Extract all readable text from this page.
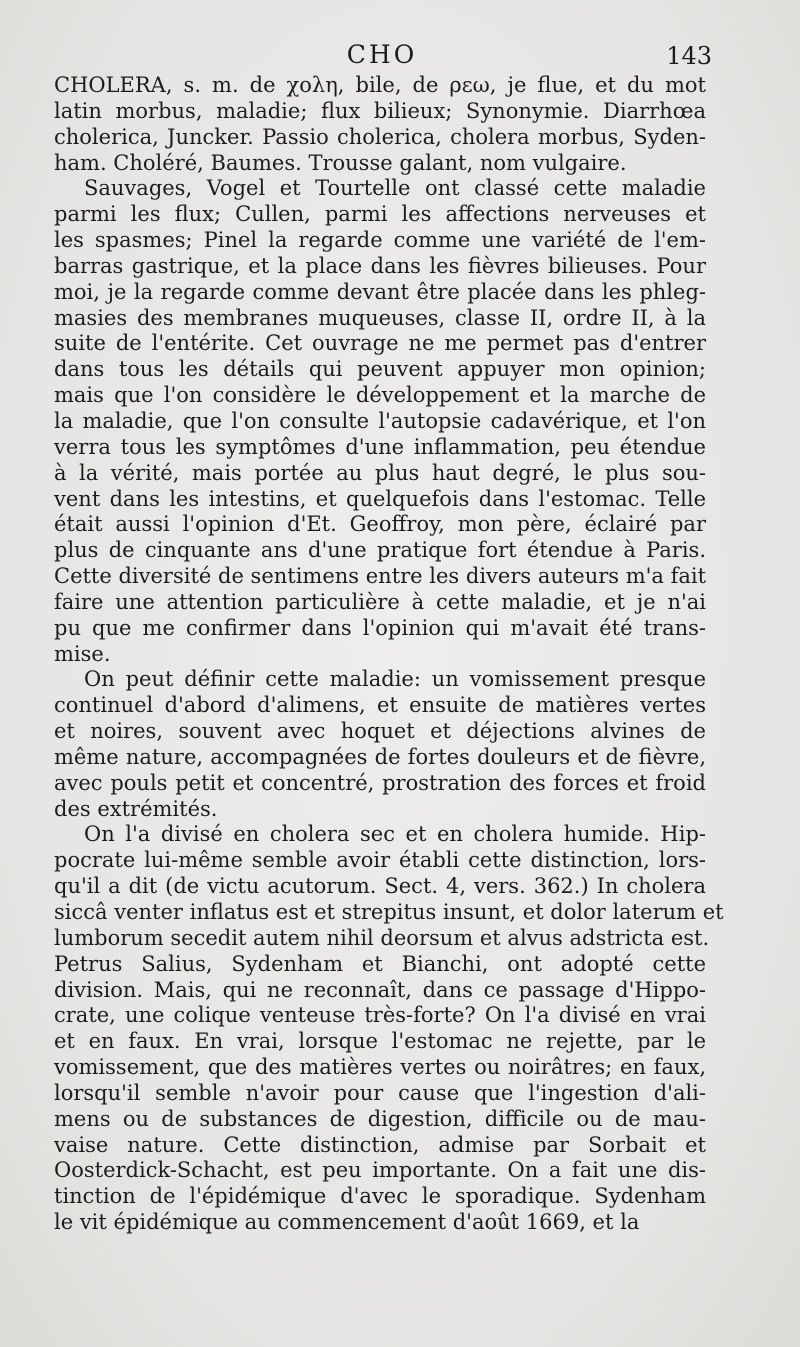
CHO	143
CHOLERA, s. m. de χολη, bile, de ρεω, je flue, et du mot
latin morbus, maladie; flux bilieux; Synonymie. Diarrhœa
cholerica, Juncker. Passio cholerica, cholera morbus, Syden-
ham. Choléré, Baumes. Trousse galant, nom vulgaire.
Sauvages, Vogel et Tourtelle ont classé cette maladie
parmi les flux; Cullen, parmi les affections nerveuses et
les spasmes; Pinel la regarde comme une variété de l'em-
barras gastrique, et la place dans les fièvres bilieuses. Pour
moi, je la regarde comme devant être placée dans les phleg-
masies des membranes muqueuses, classe II, ordre II, à la
suite de l'entérite. Cet ouvrage ne me permet pas d'entrer
dans tous les détails qui peuvent appuyer mon opinion;
mais que l'on considère le développement et la marche de
la maladie, que l'on consulte l'autopsie cadavérique, et l'on
verra tous les symptômes d'une inflammation, peu étendue
à la vérité, mais portée au plus haut degré, le plus sou-
vent dans les intestins, et quelquefois dans l'estomac. Telle
était aussi l'opinion d'Et. Geoffroy, mon père, éclairé par
plus de cinquante ans d'une pratique fort étendue à Paris.
Cette diversité de sentimens entre les divers auteurs m'a fait
faire une attention particulière à cette maladie, et je n'ai
pu que me confirmer dans l'opinion qui m'avait été trans-
mise.
On peut définir cette maladie: un vomissement presque
continuel d'abord d'alimens, et ensuite de matières vertes
et noires, souvent avec hoquet et déjections alvines de
même nature, accompagnées de fortes douleurs et de fièvre,
avec pouls petit et concentré, prostration des forces et froid
des extrémités.
On l'a divisé en cholera sec et en cholera humide. Hip-
pocrate lui-même semble avoir établi cette distinction, lors-
qu'il a dit (de victu acutorum. Sect. 4, vers. 362.) In cholera
siccâ venter inflatus est et strepitus insunt, et dolor laterum et
lumborum secedit autem nihil deorsum et alvus adstricta est.
Petrus Salius, Sydenham et Bianchi, ont adopté cette
division. Mais, qui ne reconnaît, dans ce passage d'Hippo-
crate, une colique venteuse très-forte? On l'a divisé en vrai
et en faux. En vrai, lorsque l'estomac ne rejette, par le
vomissement, que des matières vertes ou noirâtres; en faux,
lorsqu'il semble n'avoir pour cause que l'ingestion d'ali-
mens ou de substances de digestion, difficile ou de mau-
vaise nature. Cette distinction, admise par Sorbait et
Oosterdick-Schacht, est peu importante. On a fait une dis-
tinction de l'épidémique d'avec le sporadique. Sydenham
le vit épidémique au commencement d'août 1669, et la
